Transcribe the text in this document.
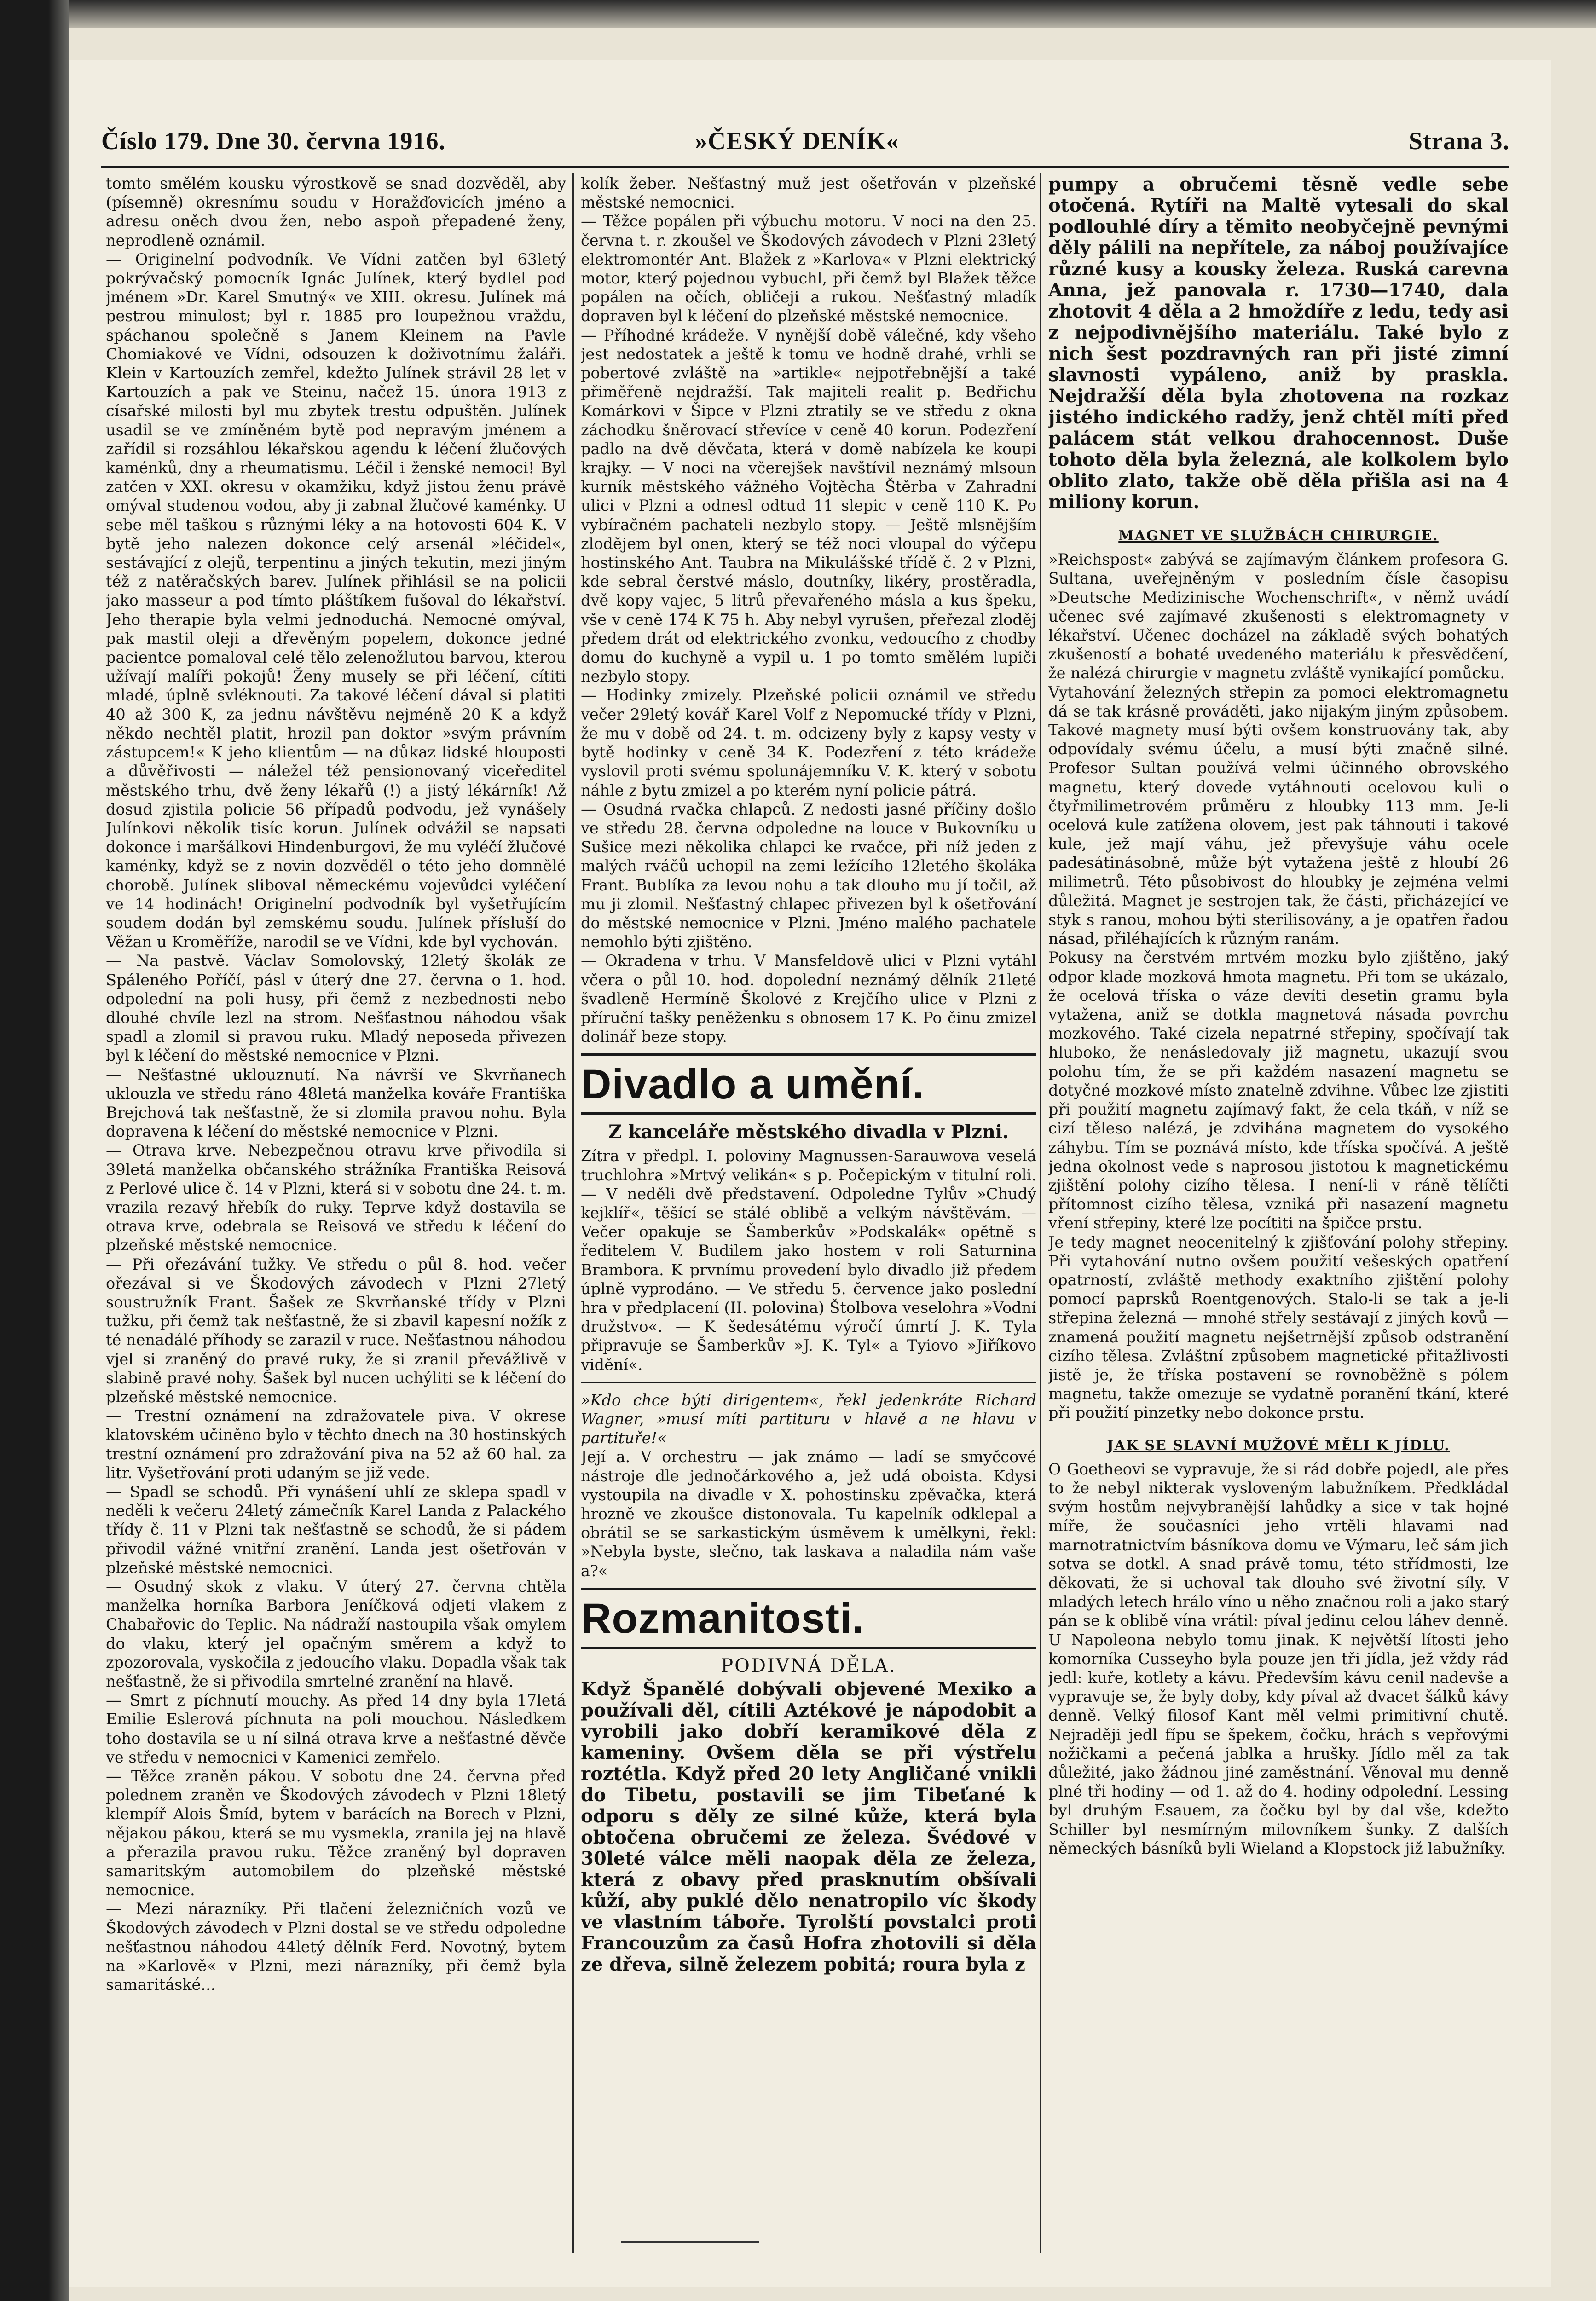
Číslo 179. Dne 30. června 1916.	»ČESKÝ DENÍK«	Strana 3.

tomto smělém kousku výrostkově se snad dozvěděl, aby (písemně) okresnímu soudu v Horažďovicích jméno a adresu oněch dvou žen, nebo aspoň přepadené ženy, neprodleně oznámil.

— Originelní podvodník. Ve Vídni zatčen byl 63letý pokrývačský pomocník Ignác Julínek, který bydlel pod jménem »Dr. Karel Smutný« ve XIII. okresu. Julínek má pestrou minulost; byl r. 1885 pro loupežnou vraždu, spáchanou společně s Janem Kleinem na Pavle Chomiakové ve Vídni, odsouzen k doživotnímu žaláři. Klein v Kartouzích zemřel, kdežto Julínek strávil 28 let v Kartouzích a pak ve Steinu, načež 15. února 1913 z císařské milosti byl mu zbytek trestu odpuštěn. Julínek usadil se ve zmíněném bytě pod nepravým jménem a zařídil si rozsáhlou lékařskou agendu k léčení žlučových kaménků, dny a rheumatismu. Léčil i ženské nemoci! Byl zatčen v XXI. okresu v okamžiku, když jistou ženu právě omýval studenou vodou, aby ji zabnal žlučové kaménky. U sebe měl taškou s různými léky a na hotovosti 604 K. V bytě jeho nalezen dokonce celý arsenál »léčidel«, sestávající z olejů, terpentinu a jiných tekutin, mezi jiným též z natěračských barev. Julínek přihlásil se na policii jako masseur a pod tímto pláštíkem fušoval do lékařství. Jeho therapie byla velmi jednoduchá. Nemocné omýval, pak mastil oleji a dřevěným popelem, dokonce jedné pacientce pomaloval celé tělo zelenožlutou barvou, kterou užívají malíři pokojů! Ženy musely se při léčení, cítiti mladé, úplně svléknouti. Za takové léčení dával si platiti 40 až 300 K, za jednu návštěvu nejméně 20 K a když někdo nechtěl platit, hrozil pan doktor »svým právním zástupcem!« K jeho klientům — na důkaz lidské hlouposti a důvěřivosti — náležel též pensionovaný viceředitel městského trhu, dvě ženy lékařů (!) a jistý lékárník! Až dosud zjistila policie 56 případů podvodu, jež vynášely Julínkovi několik tisíc korun. Julínek odvážil se napsati dokonce i maršálkovi Hindenburgovi, že mu vyléčí žlučové kaménky, když se z novin dozvěděl o této jeho domnělé chorobě. Julínek sliboval německému vojevůdci vyléčení ve 14 hodinách! Originelní podvodník byl vyšetřujícím soudem dodán byl zemskému soudu. Julínek přísluší do Věžan u Kroměříže, narodil se ve Vídni, kde byl vychován.

— Na pastvě. Václav Somolovský, 12letý školák ze Spáleného Poříčí, pásl v úterý dne 27. června o 1. hod. odpolední na poli husy, při čemž z nezbednosti nebo dlouhé chvíle lezl na strom. Nešťastnou náhodou však spadl a zlomil si pravou ruku. Mladý neposeda přivezen byl k léčení do městské nemocnice v Plzni.

— Nešťastné uklouznutí. Na návrší ve Skvrňanech uklouzla ve středu ráno 48letá manželka kováře Františka Brejchová tak nešťastně, že si zlomila pravou nohu. Byla dopravena k léčení do městské nemocnice v Plzni.

— Otrava krve. Nebezpečnou otravu krve přivodila si 39letá manželka občanského strážníka Františka Reisová z Perlové ulice č. 14 v Plzni, která si v sobotu dne 24. t. m. vrazila rezavý hřebík do ruky. Teprve když dostavila se otrava krve, odebrala se Reisová ve středu k léčení do plzeňské městské nemocnice.

— Při ořezávání tužky. Ve středu o půl 8. hod. večer ořezával si ve Škodových závodech v Plzni 27letý soustružník Frant. Šašek ze Skvrňanské třídy v Plzni tužku, při čemž tak nešťastně, že si zbavil kapesní nožík z té nenadálé příhody se zarazil v ruce. Nešťastnou náhodou vjel si zraněný do pravé ruky, že si zranil převážlivě v slabině pravé nohy. Šašek byl nucen uchýliti se k léčení do plzeňské městské nemocnice.

— Trestní oznámení na zdražovatele piva. V okrese klatovském učiněno bylo v těchto dnech na 30 hostinských trestní oznámení pro zdražování piva na 52 až 60 hal. za litr. Vyšetřování proti udaným se již vede.

— Spadl se schodů. Při vynášení uhlí ze sklepa spadl v neděli k večeru 24letý zámečník Karel Landa z Palackého třídy č. 11 v Plzni tak nešťastně se schodů, že si pádem přivodil vážné vnitřní zranění. Landa jest ošetřován v plzeňské městské nemocnici.

— Osudný skok z vlaku. V úterý 27. června chtěla manželka horníka Barbora Jeníčková odjeti vlakem z Chabařovic do Teplic. Na nádraží nastoupila však omylem do vlaku, který jel opačným směrem a když to zpozorovala, vyskočila z jedoucího vlaku. Dopadla však tak nešťastně, že si přivodila smrtelné zranění na hlavě.

— Smrt z píchnutí mouchy. As před 14 dny byla 17letá Emilie Eslerová píchnuta na poli mouchou. Následkem toho dostavila se u ní silná otrava krve a nešťastné děvče ve středu v nemocnici v Kamenici zemřelo.

— Těžce zraněn pákou. V sobotu dne 24. června před polednem zraněn ve Škodových závodech v Plzni 18letý klempíř Alois Šmíd, bytem v barácích na Borech v Plzni, nějakou pákou, která se mu vysmekla, zranila jej na hlavě a přerazila pravou ruku. Těžce zraněný byl dopraven samaritským automobilem do plzeňské městské nemocnice.

— Mezi nárazníky. Při tlačení železničních vozů ve Škodových závodech v Plzni dostal se ve středu odpoledne nešťastnou náhodou 44letý dělník Ferd. Novotný, bytem na »Karlově« v Plzni, mezi nárazníky, při čemž byla samaritáské...

kolík žeber. Nešťastný muž jest ošetřován v plzeňské městské nemocnici.

— Těžce popálen při výbuchu motoru. V noci na den 25. června t. r. zkoušel ve Škodových závodech v Plzni 23letý elektromontér Ant. Blažek z »Karlova« v Plzni elektrický motor, který pojednou vybuchl, při čemž byl Blažek těžce popálen na očích, obličeji a rukou. Nešťastný mladík dopraven byl k léčení do plzeňské městské nemocnice.

— Příhodné krádeže. V nynější době válečné, kdy všeho jest nedostatek a ještě k tomu ve hodně drahé, vrhli se pobertové zvláště na »artikle« nejpotřebnější a také přiměřeně nejdražší. Tak majiteli realit p. Bedřichu Komárkovi v Šipce v Plzni ztratily se ve středu z okna záchodku šněrovací střevíce v ceně 40 korun. Podezření padlo na dvě děvčata, která v domě nabízela ke koupi krajky. — V noci na včerejšek navštívil neznámý mlsoun kurník městského vážného Vojtěcha Štěrba v Zahradní ulici v Plzni a odnesl odtud 11 slepic v ceně 110 K. Po vybíračném pachateli nezbylo stopy. — Ještě mlsnějším zlodějem byl onen, který se též noci vloupal do výčepu hostinského Ant. Taubra na Mikulášské třídě č. 2 v Plzni, kde sebral čerstvé máslo, doutníky, likéry, prostěradla, dvě kopy vajec, 5 litrů převařeného másla a kus špeku, vše v ceně 174 K 75 h. Aby nebyl vyrušen, přeřezal zloděj předem drát od elektrického zvonku, vedoucího z chodby domu do kuchyně a vypil u. 1 po tomto smělém lupiči nezbylo stopy.

— Hodinky zmizely. Plzeňské policii oznámil ve středu večer 29letý kovář Karel Volf z Nepomucké třídy v Plzni, že mu v době od 24. t. m. odcizeny byly z kapsy vesty v bytě hodinky v ceně 34 K. Podezření z této krádeže vyslovil proti svému spolunájemníku V. K. který v sobotu náhle z bytu zmizel a po kterém nyní policie pátrá.

— Osudná rvačka chlapců. Z nedosti jasné příčiny došlo ve středu 28. června odpoledne na louce v Bukovníku u Sušice mezi několika chlapci ke rvačce, při níž jeden z malých rváčů uchopil na zemi ležícího 12letého školáka Frant. Bublíka za levou nohu a tak dlouho mu jí točil, až mu ji zlomil. Nešťastný chlapec přivezen byl k ošetřování do městské nemocnice v Plzni. Jméno malého pachatele nemohlo býti zjištěno.

— Okradena v trhu. V Mansfeldově ulici v Plzni vytáhl včera o půl 10. hod. dopolední neznámý dělník 21leté švadleně Hermíně Školové z Krejčího ulice v Plzni z příruční tašky peněženku s obnosem 17 K. Po činu zmizel dolinář beze stopy.

Divadlo a umění.
Z kanceláře městského divadla v Plzni.

Zítra v předpl. I. poloviny Magnussen-Sarauwova veselá truchlohra »Mrtvý velikán« s p. Počepickým v titulní roli. — V neděli dvě představení. Odpoledne Tylův »Chudý kejklíř«, těšící se stálé oblibě a velkým návštěvám. — Večer opakuje se Šamberkův »Podskalák« opětně s ředitelem V. Budilem jako hostem v roli Saturnina Brambora. K prvnímu provedení bylo divadlo již předem úplně vyprodáno. — Ve středu 5. července jako poslední hra v předplacení (II. polovina) Štolbova veselohra »Vodní družstvo«. — K šedesátému výročí úmrtí J. K. Tyla připravuje se Šamberkův »J. K. Tyl« a Tyiovo »Jiříkovo vidění«.

»Kdo chce býti dirigentem«, řekl jedenkráte Richard Wagner, »musí míti partituru v hlavě a ne hlavu v partituře!«

Její a. V orchestru — jak známo — ladí se smyčcové nástroje dle jednočárkového a, jež udá oboista. Kdysi vystoupila na divadle v X. pohostinsku zpěvačka, která hrozně ve zkoušce distonovala. Tu kapelník odklepal a obrátil se se sarkastickým úsměvem k umělkyni, řekl: »Nebyla byste, slečno, tak laskava a naladila nám vaše a?«

Rozmanitosti.
PODIVNÁ DĚLA.

Když Španělé dobývali objevené Mexiko a používali děl, cítili Aztékové je nápodobit a vyrobili jako dobří keramikové děla z kameniny. Ovšem děla se při výstřelu roztétla. Když před 20 lety Angličané vnikli do Tibetu, postavili se jim Tibeťané k odporu s děly ze silné kůže, která byla obtočena obručemi ze železa. Švédové v 30leté válce měli naopak děla ze železa, která z obavy před prasknutím obšívali kůží, aby puklé dělo nenatropilo víc škody ve vlastním táboře. Tyrolští povstalci proti Francouzům za časů Hofra zhotovili si děla ze dřeva, silně železem pobitá; roura byla z

pumpy a obručemi těsně vedle sebe otočená. Rytíři na Maltě vytesali do skal podlouhlé díry a těmito neobyčejně pevnými děly pálili na nepřítele, za náboj používajíce různé kusy a kousky železa. Ruská carevna Anna, jež panovala r. 1730—1740, dala zhotovit 4 děla a 2 hmoždíře z ledu, tedy asi z nejpodivnějšího materiálu. Také bylo z nich šest pozdravných ran při jisté zimní slavnosti vypáleno, aniž by praskla. Nejdražší děla byla zhotovena na rozkaz jistého indického radžy, jenž chtěl míti před palácem stát velkou drahocennost. Duše tohoto děla byla železná, ale kolkolem bylo oblito zlato, takže obě děla přišla asi na 4 miliony korun.

MAGNET VE SLUŽBÁCH CHIRURGIE.

»Reichspost« zabývá se zajímavým článkem profesora G. Sultana, uveřejněným v posledním čísle časopisu »Deutsche Medizinische Wochenschrift«, v němž uvádí učenec své zajímavé zkušenosti s elektromagnety v lékařství. Učenec docházel na základě svých bohatých zkušeností a bohaté uvedeného materiálu k přesvědčení, že nalézá chirurgie v magnetu zvláště vynikající pomůcku.

Vytahování železných střepin za pomoci elektromagnetu dá se tak krásně prováděti, jako nijakým jiným způsobem. Takové magnety musí býti ovšem konstruovány tak, aby odpovídaly svému účelu, a musí býti značně silné. Profesor Sultan používá velmi účinného obrovského magnetu, který dovede vytáhnouti ocelovou kuli o čtyřmilimetrovém průměru z hloubky 113 mm. Je-li ocelová kule zatížena olovem, jest pak táhnouti i takové kule, jež mají váhu, jež převyšuje váhu ocele padesátinásobně, může být vytažena ještě z hloubí 26 milimetrů. Této působivost do hloubky je zejména velmi důležitá. Magnet je sestrojen tak, že části, přicházející ve styk s ranou, mohou býti sterilisovány, a je opatřen řadou násad, přiléhajících k různým ranám.

Pokusy na čerstvém mrtvém mozku bylo zjištěno, jaký odpor klade mozková hmota magnetu. Při tom se ukázalo, že ocelová tříska o váze devíti desetin gramu byla vytažena, aniž se dotkla magnetová násada povrchu mozkového. Také cizela nepatrné střepiny, spočívají tak hluboko, že nenásledovaly již magnetu, ukazují svou polohu tím, že se při každém nasazení magnetu se dotyčné mozkové místo znatelně zdvihne. Vůbec lze zjistiti při použití magnetu zajímavý fakt, že cela tkáň, v níž se cizí těleso nalézá, je zdvihána magnetem do vysokého záhybu. Tím se poznává místo, kde tříska spočívá. A ještě jedna okolnost vede s naprosou jistotou k magnetickému zjištění polohy cizího tělesa. I není-li v ráně tělíčti přítomnost cizího tělesa, vzniká při nasazení magnetu vření střepiny, které lze pocítiti na špičce prstu.

Je tedy magnet neocenitelný k zjišťování polohy střepiny. Při vytahování nutno ovšem použití vešeských opatření opatrností, zvláště methody exaktního zjištění polohy pomocí paprsků Roentgenových. Stalo-li se tak a je-li střepina železná — mnohé střely sestávají z jiných kovů — znamená použití magnetu nejšetrnější způsob odstranění cizího tělesa. Zvláštní způsobem magnetické přitažlivosti jistě je, že tříska postavení se rovnoběžně s pólem magnetu, takže omezuje se vydatně poranění tkání, které při použití pinzetky nebo dokonce prstu.

JAK SE SLAVNÍ MUŽOVÉ MĚLI K JÍDLU.

O Goetheovi se vypravuje, že si rád dobře pojedl, ale přes to že nebyl nikterak vysloveným labužníkem. Předkládal svým hostům nejvybranější lahůdky a sice v tak hojné míře, že současníci jeho vrtěli hlavami nad marnotratnictvím básníkova domu ve Výmaru, leč sám jich sotva se dotkl. A snad právě tomu, této střídmosti, lze děkovati, že si uchoval tak dlouho své životní síly. V mladých letech hrálo víno u něho značnou roli a jako starý pán se k oblibě vína vrátil: píval jedinu celou láhev denně. U Napoleona nebylo tomu jinak. K největší lítosti jeho komorníka Cusseyho byla pouze jen tři jídla, jež vždy rád jedl: kuře, kotlety a kávu. Především kávu cenil nadevše a vypravuje se, že byly doby, kdy píval až dvacet šálků kávy denně. Velký filosof Kant měl velmi primitivní chutě. Nejraději jedl fípu se špekem, čočku, hrách s vepřovými nožičkami a pečená jablka a hrušky. Jídlo měl za tak důležité, jako žádnou jiné zaměstnání. Věnoval mu denně plné tři hodiny — od 1. až do 4. hodiny odpolední. Lessing byl druhým Esauem, za čočku byl by dal vše, kdežto Schiller byl nesmírným milovníkem šunky. Z dalších německých básníků byli Wieland a Klopstock již labužníky.
